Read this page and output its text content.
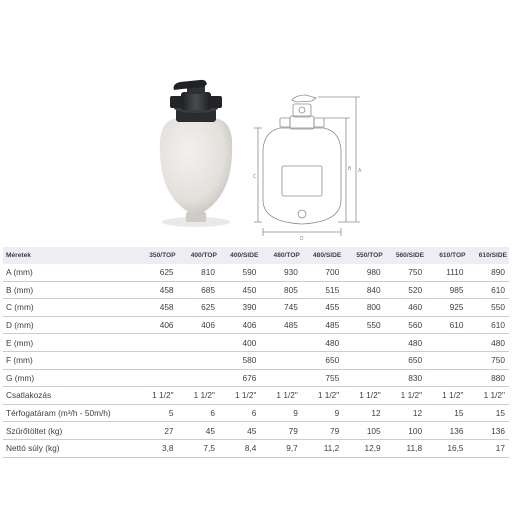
A
B
C
D
Méretek	350/TOP	400/TOP	400/SIDE	480/TOP	480/SIDE	550/TOP	560/SIDE	610/TOP	610/SIDE
A (mm)	625	810	590	930	700	980	750	1110	890
B (mm)	458	685	450	805	515	840	520	985	610
C (mm)	458	625	390	745	455	800	460	925	550
D (mm)	406	406	406	485	485	550	560	610	610
E (mm)			400		480		480		480
F (mm)			580		650		650		750
G (mm)			676		755		830		880
Csatlakozás	1 1/2"	1 1/2"	1 1/2"	1 1/2"	1 1/2"	1 1/2"	1 1/2"	1 1/2"	1 1/2"
Térfogatáram (m³/h - 50m/h)	5	6	6	9	9	12	12	15	15
Szűrőtöltet (kg)	27	45	45	79	79	105	100	136	136
Nettó súly (kg)	3,8	7,5	8,4	9,7	11,2	12,9	11,8	16,5	17
